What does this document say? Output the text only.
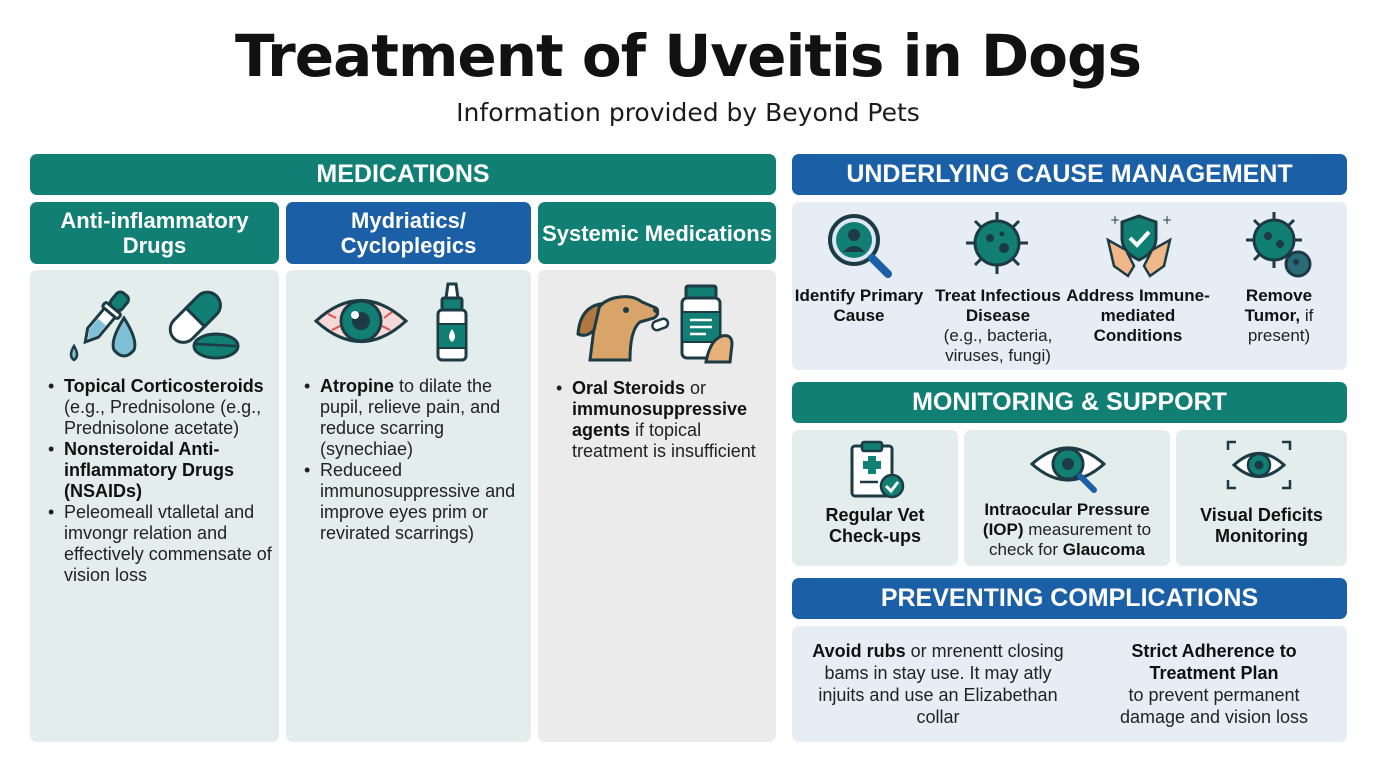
Treatment of Uveitis in Dogs
Information provided by Beyond Pets
MEDICATIONS
Anti-inflammatory Drugs
Mydriatics/ Cycloplegics	Systemic Medications
• Topical Corticosteroids (e.g., Prednisolone (e.g., Prednisolone acetate)
• Nonsteroidal Anti-inflammatory Drugs (NSAIDs)
• Peleomeall vtalletal and imvongr relation and effectively commensate of vision loss
• Atropine to dilate the pupil, relieve pain, and reduce scarring (synechiae)
• Reduceed immunosuppressive and improve eyes prim or revirated scarrings)
• Oral Steroids or immunosuppressive agents if topical treatment is insufficient
UNDERLYING CAUSE MANAGEMENT
Identify Primary Cause
Treat Infectious Disease
(e.g., bacteria, viruses, fungi)
+	+
Address Immune-mediated Conditions
Remove Tumor, if present)
MONITORING & SUPPORT
Regular Vet Check-ups
Intraocular Pressure (IOP) measurement to check for Glaucoma
Visual Deficits Monitoring
PREVENTING COMPLICATIONS
Avoid rubs or mrenentt closing bams in stay use. It may atly injuits and use an Elizabethan collar
Strict Adherence to Treatment Plan
to prevent permanent damage and vision loss
